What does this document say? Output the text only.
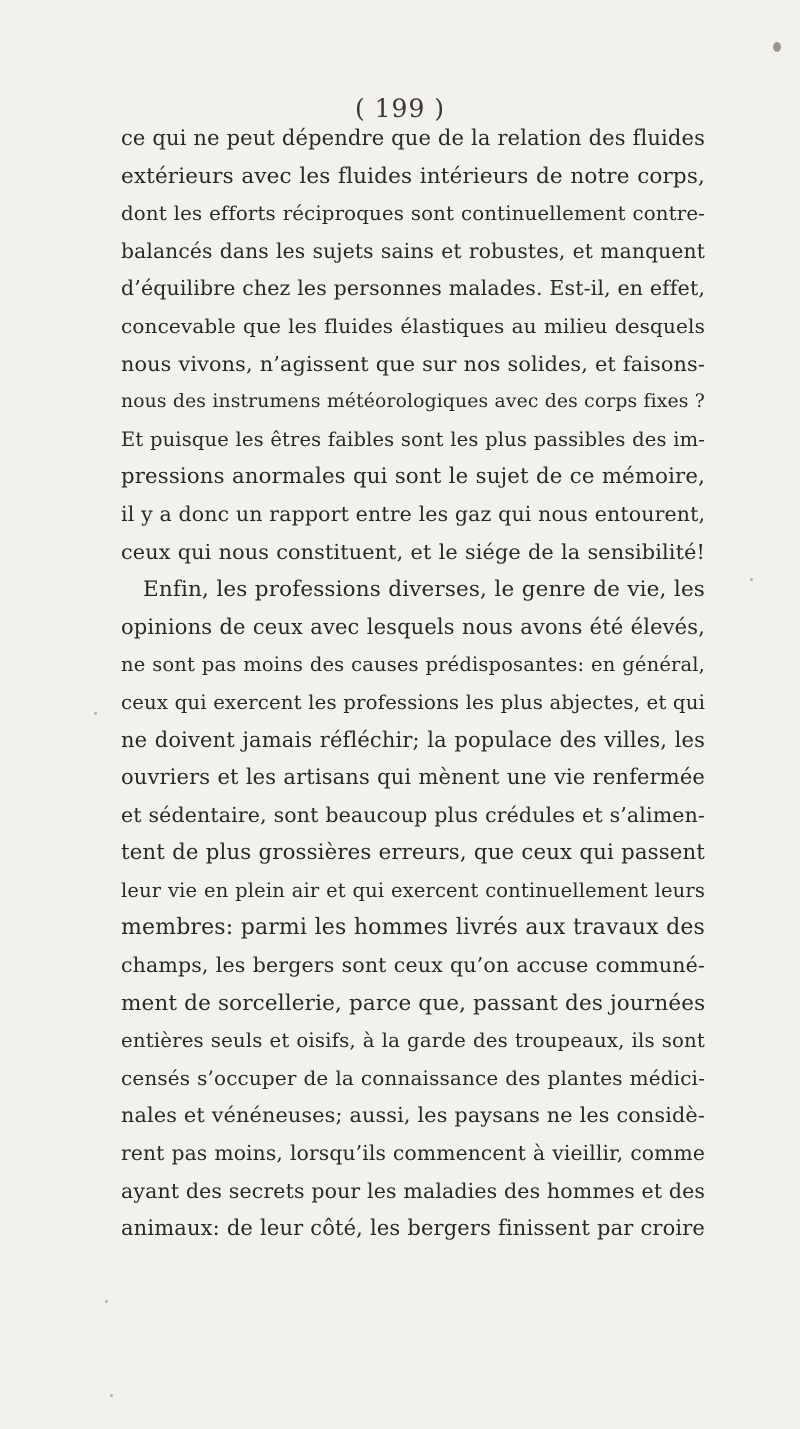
( 199 )
ce qui ne peut dépendre que de la relation des fluides
extérieurs avec les fluides intérieurs de notre corps,
dont les efforts réciproques sont continuellement contre-
balancés dans les sujets sains et robustes, et manquent
d’équilibre chez les personnes malades. Est-il, en effet,
concevable que les fluides élastiques au milieu desquels
nous vivons, n’agissent que sur nos solides, et faisons-
nous des instrumens météorologiques avec des corps fixes ?
Et puisque les êtres faibles sont les plus passibles des im-
pressions anormales qui sont le sujet de ce mémoire,
il y a donc un rapport entre les gaz qui nous entourent,
ceux qui nous constituent, et le siége de la sensibilité!
Enfin, les professions diverses, le genre de vie, les
opinions de ceux avec lesquels nous avons été élevés,
ne sont pas moins des causes prédisposantes: en général,
ceux qui exercent les professions les plus abjectes, et qui
ne doivent jamais réfléchir; la populace des villes, les
ouvriers et les artisans qui mènent une vie renfermée
et sédentaire, sont beaucoup plus crédules et s’alimen-
tent de plus grossières erreurs, que ceux qui passent
leur vie en plein air et qui exercent continuellement leurs
membres: parmi les hommes livrés aux travaux des
champs, les bergers sont ceux qu’on accuse communé-
ment de sorcellerie, parce que, passant des journées
entières seuls et oisifs, à la garde des troupeaux, ils sont
censés s’occuper de la connaissance des plantes médici-
nales et vénéneuses; aussi, les paysans ne les considè-
rent pas moins, lorsqu’ils commencent à vieillir, comme
ayant des secrets pour les maladies des hommes et des
animaux: de leur côté, les bergers finissent par croire
